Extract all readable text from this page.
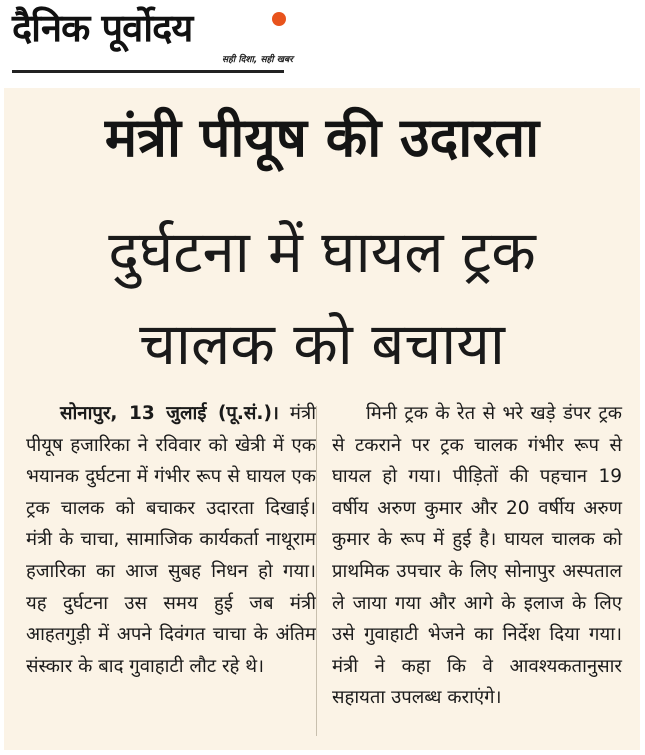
दैनिक पूर्वोदय
सही दिशा, सही खबर
मंत्री पीयूष की उदारता
दुर्घटना में घायल ट्रक
चालक को बचाया
सोनापुर, 13 जुलाई (पू.सं.)। मंत्री पीयूष हजारिका ने रविवार को खेत्री में एक भयानक दुर्घटना में गंभीर रूप से घायल एक ट्रक चालक को बचाकर उदारता दिखाई। मंत्री के चाचा, सामाजिक कार्यकर्ता नाथूराम हजारिका का आज सुबह निधन हो गया। यह दुर्घटना उस समय हुई जब मंत्री आहतगुड़ी में अपने दिवंगत चाचा के अंतिम संस्कार के बाद गुवाहाटी लौट रहे थे।
मिनी ट्रक के रेत से भरे खड़े डंपर ट्रक से टकराने पर ट्रक चालक गंभीर रूप से घायल हो गया। पीड़ितों की पहचान 19 वर्षीय अरुण कुमार और 20 वर्षीय अरुण कुमार के रूप में हुई है। घायल चालक को प्राथमिक उपचार के लिए सोनापुर अस्पताल ले जाया गया और आगे के इलाज के लिए उसे गुवाहाटी भेजने का निर्देश दिया गया। मंत्री ने कहा कि वे आवश्यकतानुसार सहायता उपलब्ध कराएंगे।
